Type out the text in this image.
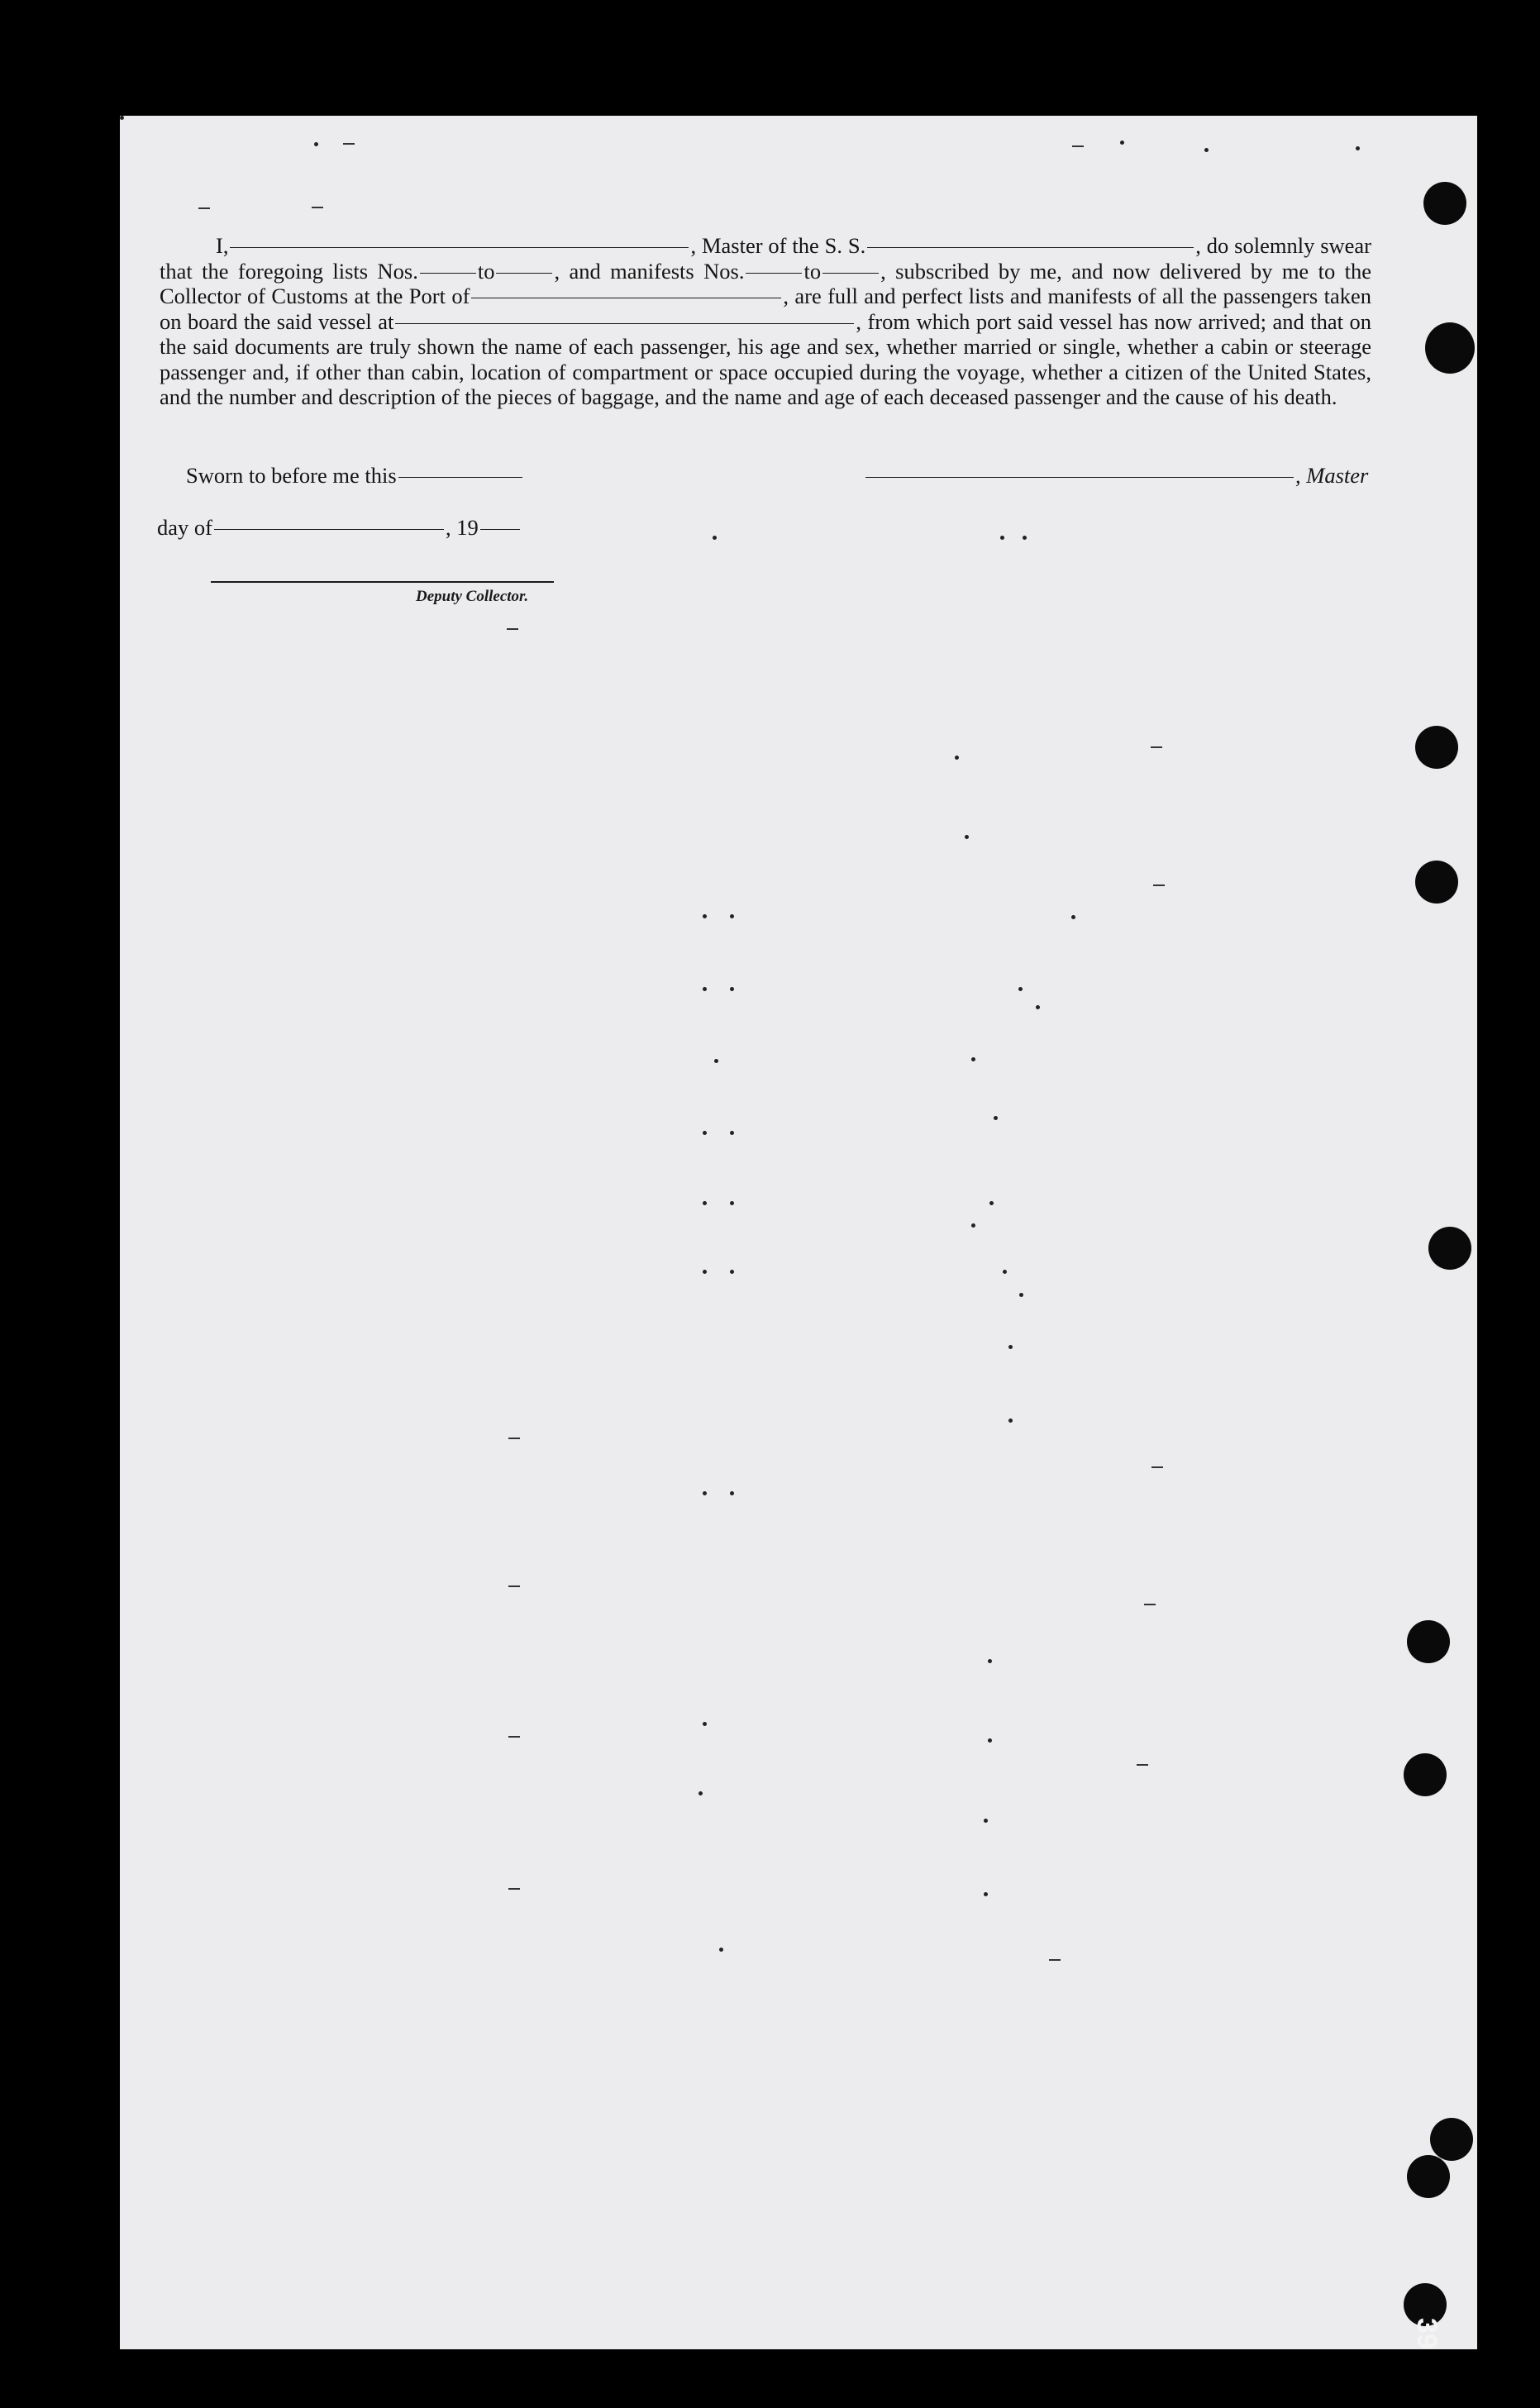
I,	, Master of the S. S.	, do solemnly swear that the foregoing lists Nos.	to	, and manifests Nos.	to	, subscribed by me, and now delivered by me to the Collector of Customs at the Port of	, are full and perfect lists and manifests of all the passengers taken on board the said vessel at	, from which port said vessel has now arrived; and that on the said documents are truly shown the name of each passenger, his age and sex, whether married or single, whether a cabin or steerage passenger and, if other than cabin, location of compartment or space occupied during the voyage, whether a citizen of the United States, and the number and description of the pieces of baggage, and the name and age of each deceased passenger and the cause of his death.
Sworn to before me this	, Master
day of	, 19
Deputy Collector.
39
